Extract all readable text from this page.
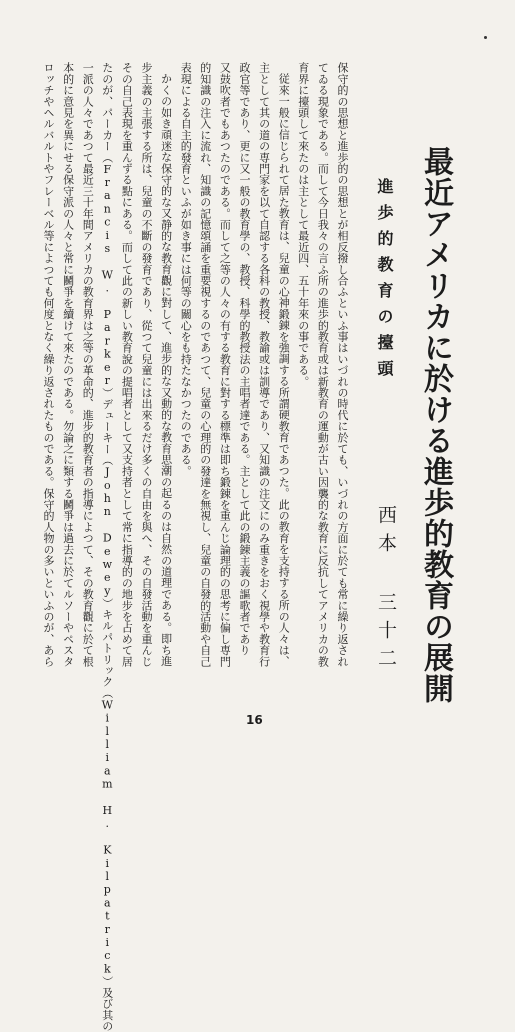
最近アメリカに於ける進歩的教育の展開
西本 三十二
進歩的教育の擡頭
保守的の思想と進歩的の思想とが相反撥し合ふといふ事はいづれの時代に於ても、いづれの方面に於ても常に繰り返され
てゐる現象である。而して今日我々の言ふ所の進歩的教育或は新教育の運動が古い因襲的な教育に反抗してアメリカの教
育界に擡頭して來たのは主として最近四、五十年來の事である。
従來一般に信じられて居た教育は、兒童の心神鍛錬を強調する所謂硬教育であつた。此の教育を支持する所の人々は、
主として其の道の専門家を以て自認する各科の教授、教諭或は訓導であり、又知識の注文にのみ重きをおく視學や教育行
政官等であり、更に又一般の教育學の、教授、科學的教授法の主唱者達である。主として此の鍛錬主義の謳歌者であり
又鼓吹者でもあつたのである。而して之等の人々の有する教育に對する標準は即ち鍛錬を重んじ論理的の思考に偏し専門
的知識の注入に流れ、知識の記憶頌誦を重要視するのであつて、兒童の心理的の發達を無視し、兒童の自發的活動や自己
表現による自主的發育といふが如き事には何等の關心をも持たなかつたのである。
かくの如き頑迷な保守的な又静的な教育觀に對して、進步的な又動的な教育思潮の起るのは自然の道理である。即ち進
步主義の主張する所は、兒童の不斷の發育であり、從つて兒童には出來るだけ多くの自由を與へ、その自發活動を重んじ
その自己表現を重んずる點にある。而して此の新しい教育說の提唱者として又支持者として常に指導的の地步を占めて居
たのが、パーカー（Francis W. Parker）デューキー（John Dewey）キルパトリック（William H. Kilpatrick）及び其の
一派の人々であつて最近三十年間アメリカの教育界は之等の革命的、進步的教育者の指導によつて、その教育觀に於て根
本的に意見を異にせる保守派の人々と常に鬭爭を續けて來たのである。勿論之に類する鬭爭は過去に於てルソーやペスタ
ロッチやヘルバルトやフレーベル等によつても何度となく繰り返されたものである。保守的人物の多いといふのが、あら
16
